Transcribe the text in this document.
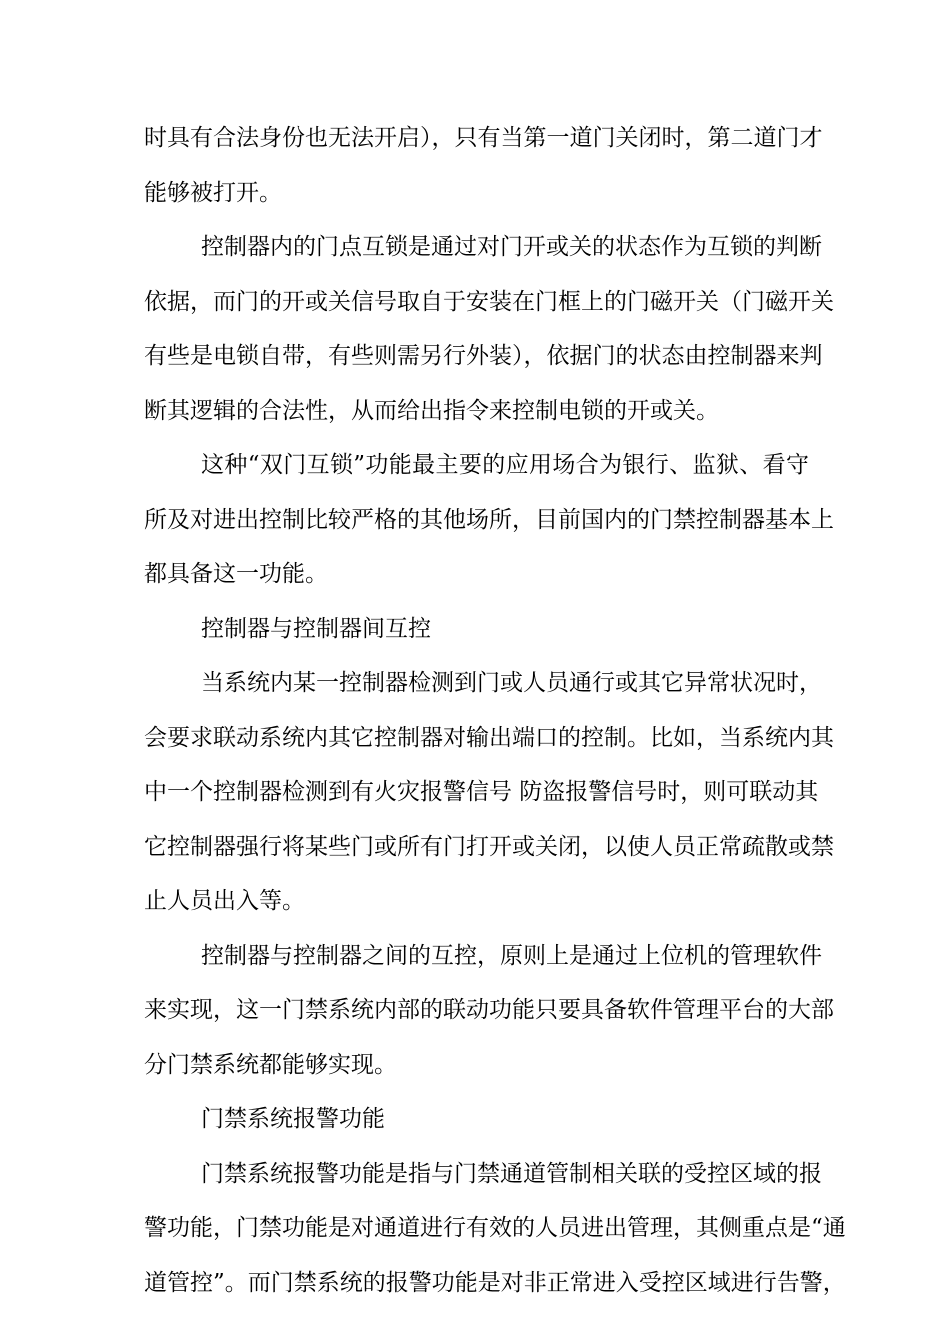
时具有合法身份也无法开启），只有当第一道门关闭时，第二道门才
能够被打开。
控制器内的门点互锁是通过对门开或关的状态作为互锁的判断
依据，而门的开或关信号取自于安装在门框上的门磁开关（门磁开关
有些是电锁自带，有些则需另行外装），依据门的状态由控制器来判
断其逻辑的合法性，从而给出指令来控制电锁的开或关。
这种“双门互锁”功能最主要的应用场合为银行、监狱、看守
所及对进出控制比较严格的其他场所，目前国内的门禁控制器基本上
都具备这一功能。
控制器与控制器间互控
当系统内某一控制器检测到门或人员通行或其它异常状况时，
会要求联动系统内其它控制器对输出端口的控制。比如，当系统内其
中一个控制器检测到有火灾报警信号 防盗报警信号时，则可联动其
它控制器强行将某些门或所有门打开或关闭，以使人员正常疏散或禁
止人员出入等。
控制器与控制器之间的互控，原则上是通过上位机的管理软件
来实现，这一门禁系统内部的联动功能只要具备软件管理平台的大部
分门禁系统都能够实现。
门禁系统报警功能
门禁系统报警功能是指与门禁通道管制相关联的受控区域的报
警功能，门禁功能是对通道进行有效的人员进出管理，其侧重点是“通
道管控”。而门禁系统的报警功能是对非正常进入受控区域进行告警，
